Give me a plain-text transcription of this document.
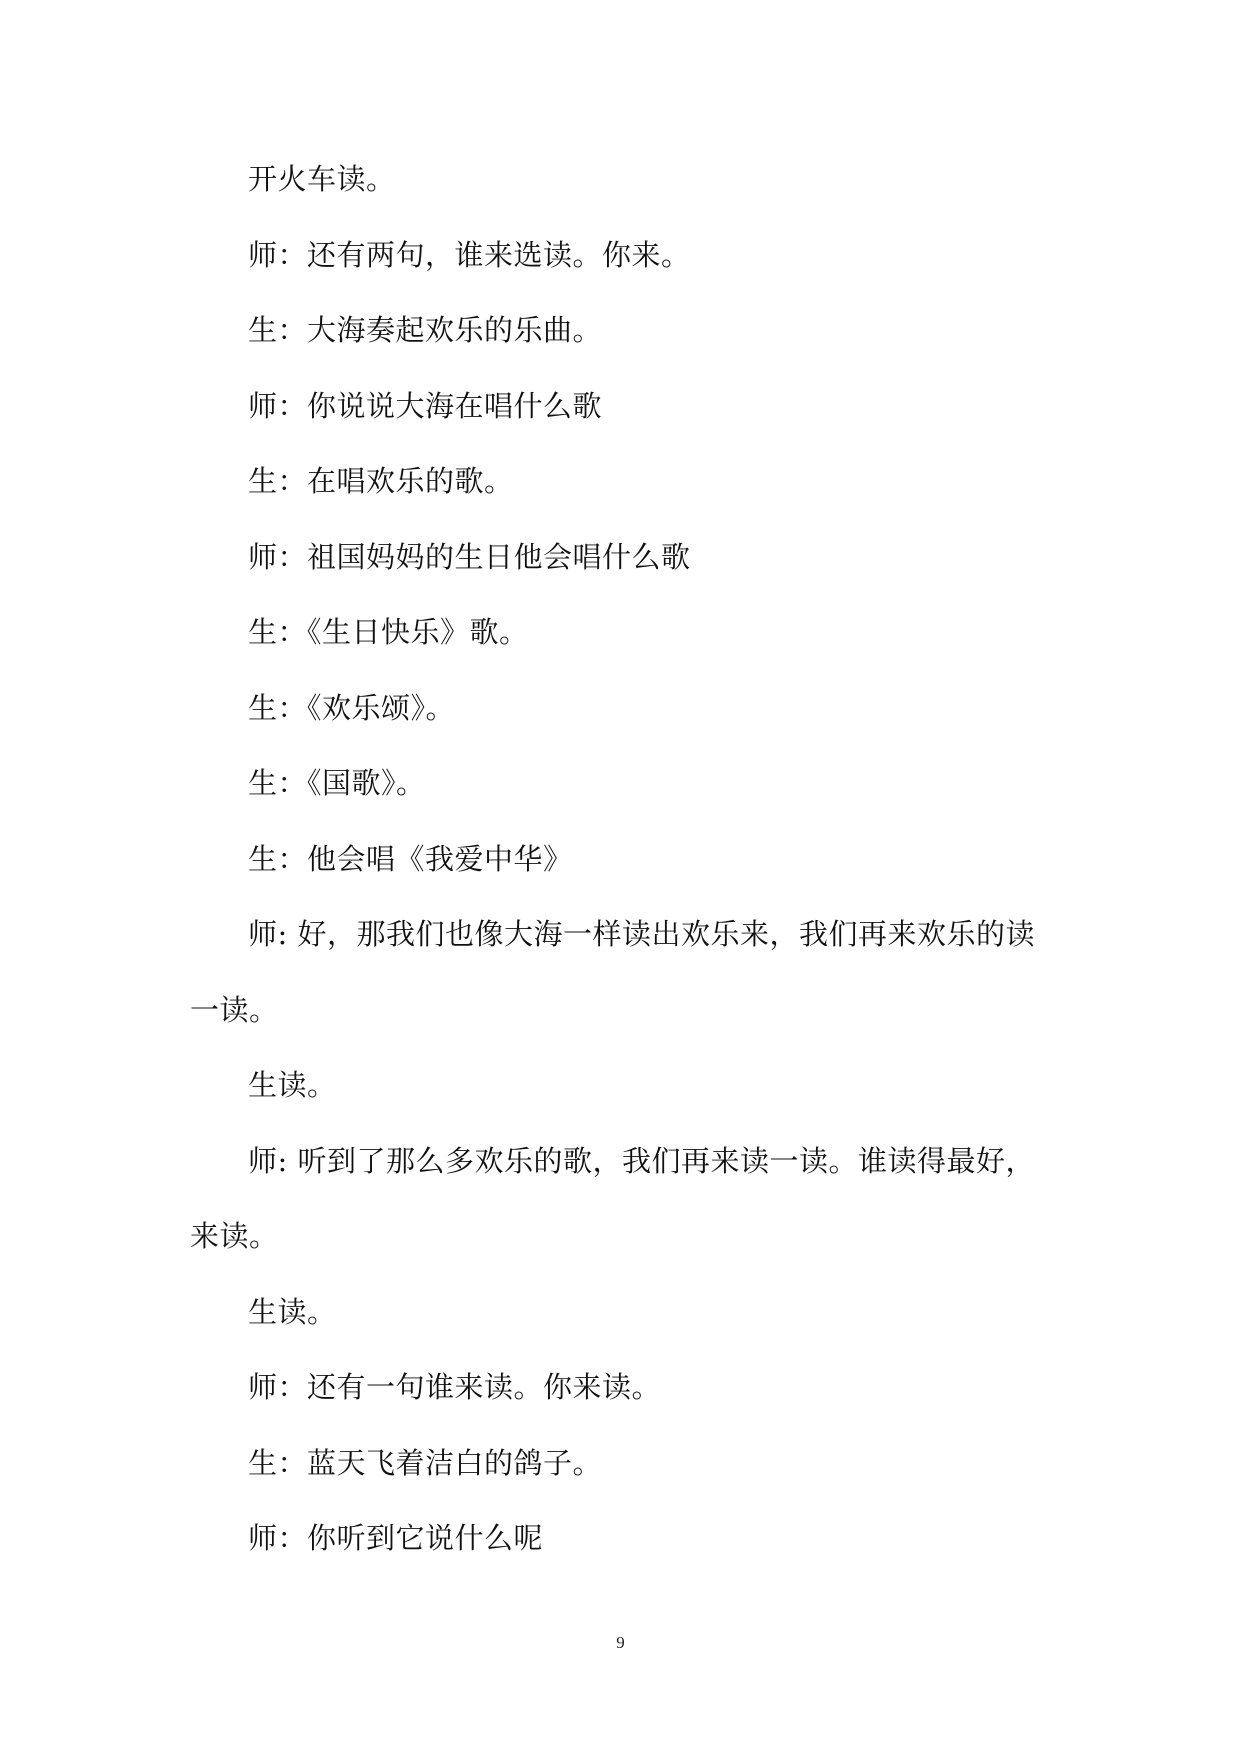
开火车读。

师：还有两句，谁来选读。你来。

生：大海奏起欢乐的乐曲。

师：你说说大海在唱什么歌

生：在唱欢乐的歌。

师：祖国妈妈的生日他会唱什么歌

生：《生日快乐》歌。

生：《欢乐颂》。

生：《国歌》。

生：他会唱《我爱中华》

师: 好，那我们也像大海一样读出欢乐来，我们再来欢乐的读一读。

生读。

师: 听到了那么多欢乐的歌，我们再来读一读。谁读得最好，来读。

生读。

师：还有一句谁来读。你来读。

生：蓝天飞着洁白的鸽子。

师：你听到它说什么呢

9
